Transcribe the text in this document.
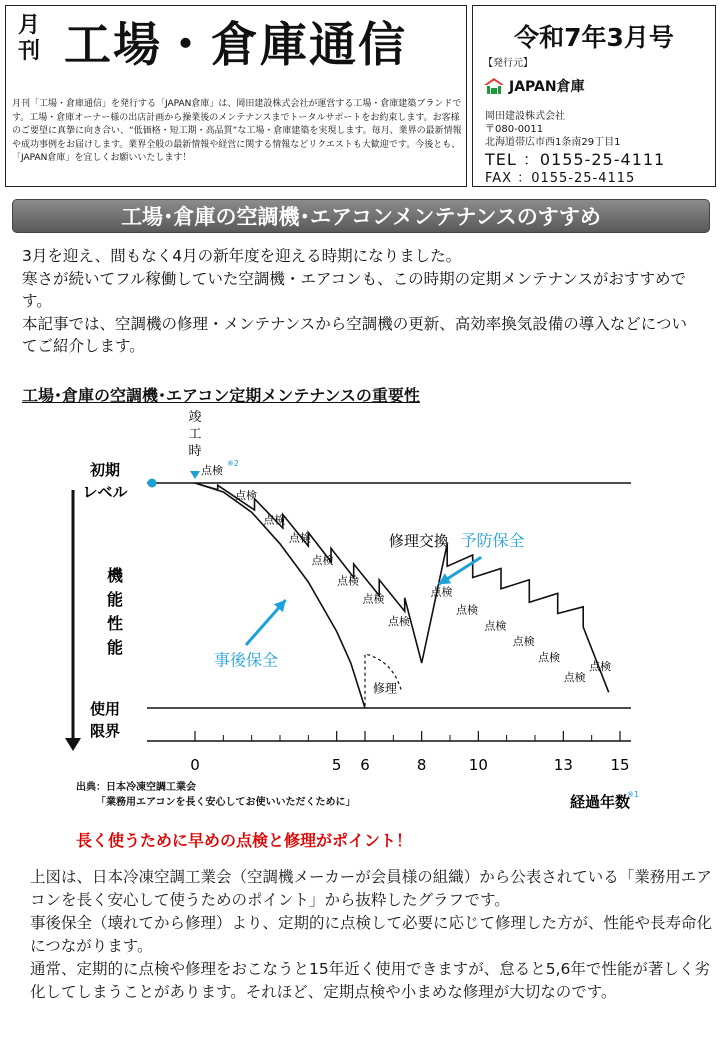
月
刊 工場・倉庫通信
月刊「工場・倉庫通信」を発行する「JAPAN倉庫」は、岡田建設株式会社が運営する工場・倉庫建築ブランドです。工場・倉庫オーナー様の出店計画から操業後のメンテナンスまでトータルサポートをお約束します。お客様のご要望に真摯に向き合い、“低価格・短工期・高品質”な工場・倉庫建築を実現します。毎月、業界の最新情報や成功事例をお届けします。業界全般の最新情報や経営に関する情報などリクエストも大歓迎です。今後とも、「JAPAN倉庫」を宜しくお願いいたします！
令和7年3月号
【発行元】
JAPAN倉庫
岡田建設株式会社
〒080-0011
北海道帯広市西1条南29丁目1
TEL ：0155-25-4111
FAX ：0155-25-4115
工場･倉庫の空調機･エアコンメンテナンスのすすめ

3月を迎え、間もなく4月の新年度を迎える時期になりました。

寒さが続いてフル稼働していた空調機・エアコンも、この時期の定期メンテナンスがおすすめです。

本記事では、空調機の修理・メンテナンスから空調機の更新、高効率換気設備の導入などについてご紹介します。

工場･倉庫の空調機･エアコン定期メンテナンスの重要性
初期
レベル
使用
限界
機
能
性
能
竣
工
時
0	5 6	8	10	13	15
経過年数
※1
点検
点検
点検
点検
点検
点検
点検
点検
点検
点検
点検
点検
点検
点検
点検
※2
修理交換 予防保全
事後保全
修理
出典：日本冷凍空調工業会
「業務用エアコンを長く安心してお使いいただくために」
長く使うために早めの点検と修理がポイント！

上図は、日本冷凍空調工業会（空調機メーカーが会員様の組織）から公表されている「業務用エアコンを長く安心して使うためのポイント」から抜粋したグラフです。

事後保全（壊れてから修理）より、定期的に点検して必要に応じて修理した方が、性能や長寿命化につながります。

通常、定期的に点検や修理をおこなうと15年近く使用できますが、怠ると5,6年で性能が著しく劣化してしまうことがあります。それほど、定期点検や小まめな修理が大切なのです。
